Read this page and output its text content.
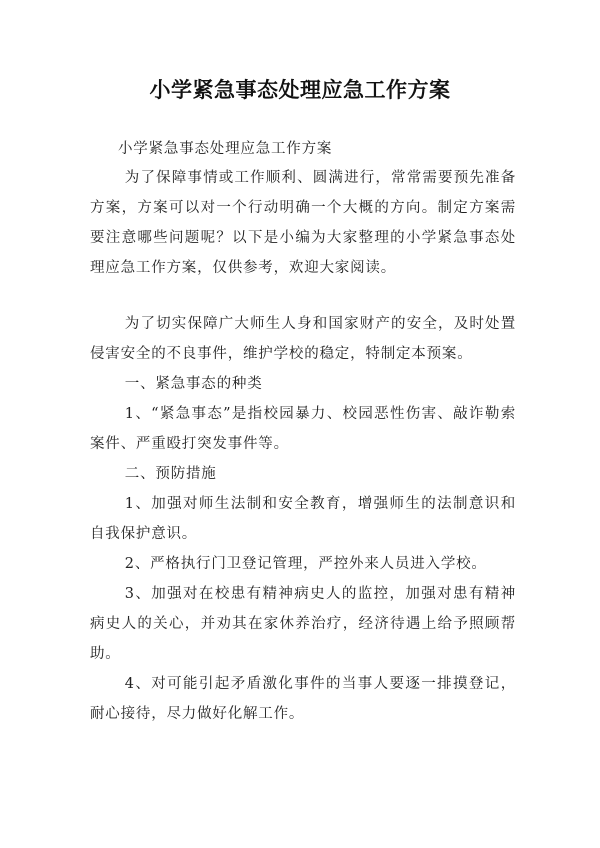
小学紧急事态处理应急工作方案

小学紧急事态处理应急工作方案

为了保障事情或工作顺利、圆满进行，常常需要预先准备方案，方案可以对一个行动明确一个大概的方向。制定方案需要注意哪些问题呢？以下是小编为大家整理的小学紧急事态处理应急工作方案，仅供参考，欢迎大家阅读。

为了切实保障广大师生人身和国家财产的安全，及时处置侵害安全的不良事件，维护学校的稳定，特制定本预案。

一、紧急事态的种类

1、“紧急事态”是指校园暴力、校园恶性伤害、敲诈勒索案件、严重殴打突发事件等。

二、预防措施

1、加强对师生法制和安全教育，增强师生的法制意识和自我保护意识。

2、严格执行门卫登记管理，严控外来人员进入学校。

3、加强对在校患有精神病史人的监控，加强对患有精神病史人的关心，并劝其在家休养治疗，经济待遇上给予照顾帮助。

4、对可能引起矛盾激化事件的当事人要逐一排摸登记，耐心接待，尽力做好化解工作。
